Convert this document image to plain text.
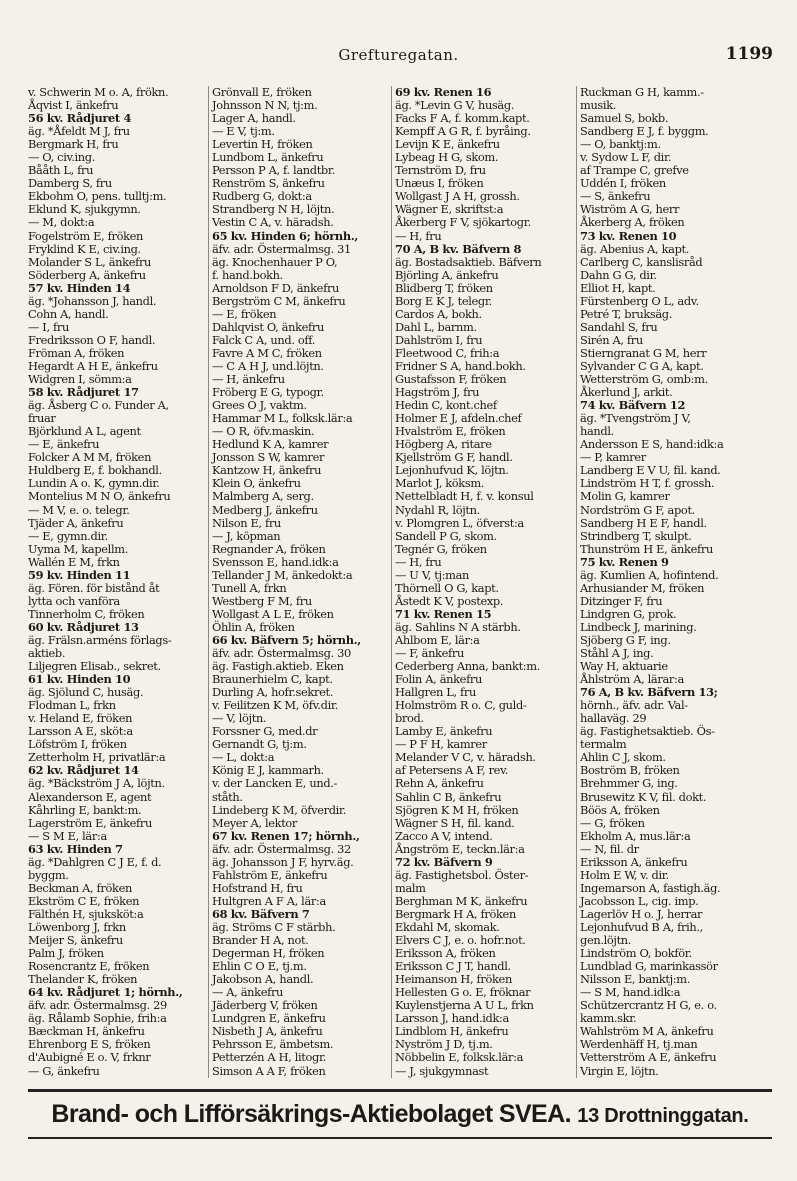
Grefturegatan.	1199
v. Schwerin M o. A, frökn.
Åqvist I, änkefru
56 kv. Rådjuret 4
äg. *Åfeldt M J, fru
Bergmark H, fru
— O, civ.ing.
Bååth L, fru
Damberg S, fru
Ekbohm O, pens. tulltj:m.
Eklund K, sjukgymn.
— M, dokt:a
Fogelström E, fröken
Fryklind K E, civ.ing.
Molander S L, änkefru
Söderberg A, änkefru
57 kv. Hinden 14
äg. *Johansson J, handl.
Cohn A, handl.
— I, fru
Fredriksson O F, handl.
Fröman A, fröken
Hegardt A H E, änkefru
Widgren I, sömm:a
58 kv. Rådjuret 17
äg. Åsberg C o. Funder A,
fruar
Björklund A L, agent
— E, änkefru
Folcker A M M, fröken
Huldberg E, f. bokhandl.
Lundin A o. K, gymn.dir.
Montelius M N O, änkefru
— M V, e. o. telegr.
Tjäder A, änkefru
— E, gymn.dir.
Uyma M, kapellm.
Wallén E M, frkn
59 kv. Hinden 11
äg. Fören. för bistånd åt
lytta och vanföra
Tinnerholm C, fröken
60 kv. Rådjuret 13
äg. Frälsn.arméns förlags-
aktieb.
Liljegren Elisab., sekret.
61 kv. Hinden 10
äg. Sjölund C, husäg.
Flodman L, frkn
v. Heland E, fröken
Larsson A E, sköt:a
Löfström I, fröken
Zetterholm H, privatlär:a
62 kv. Rådjuret 14
äg. *Bäckström J A, löjtn.
Alexanderson E, agent
Kåhrling E, bankt:m.
Lagerström E, änkefru
— S M E, lär:a
63 kv. Hinden 7
äg. *Dahlgren C J E, f. d.
byggm.
Beckman A, fröken
Ekström C E, fröken
Fälthén H, sjuksköt:a
Löwenborg J, frkn
Meijer S, änkefru
Palm J, fröken
Rosencrantz E, fröken
Thelander K, fröken
64 kv. Rådjuret 1; hörnh.,
äfv. adr. Östermalmsg. 29
äg. Rålamb Sophie, frih:a
Bæckman H, änkefru
Ehrenborg E S, fröken
d'Aubigné E o. V, frknr
— G, änkefru
Grönvall E, fröken
Johnsson N N, tj:m.
Lager A, handl.
— E V, tj:m.
Levertin H, fröken
Lundbom L, änkefru
Persson P A, f. landtbr.
Renström S, änkefru
Rudberg G, dokt:a
Strandberg N H, löjtn.
Vestin C A, v. häradsh.
65 kv. Hinden 6; hörnh.,
äfv. adr. Östermalmsg. 31
äg. Knochenhauer P O,
f. hand.bokh.
Arnoldson F D, änkefru
Bergström C M, änkefru
— E, fröken
Dahlqvist O, änkefru
Falck C A, und. off.
Favre A M C, fröken
— C A H J, und.löjtn.
— H, änkefru
Fröberg E G, typogr.
Grees O J, vaktm.
Hammar M L, folksk.lär:a
— O R, öfv.maskin.
Hedlund K A, kamrer
Jonsson S W, kamrer
Kantzow H, änkefru
Klein O, änkefru
Malmberg A, serg.
Medberg J, änkefru
Nilson E, fru
— J, köpman
Regnander A, fröken
Svensson E, hand.idk:a
Tellander J M, änkedokt:a
Tunell A, frkn
Westberg F M, fru
Wollgast A L E, fröken
Öhlin A, fröken
66 kv. Bäfvern 5; hörnh.,
äfv. adr. Östermalmsg. 30
äg. Fastigh.aktieb. Eken
Braunerhielm C, kapt.
Durling A, hofr.sekret.
v. Feilitzen K M, öfv.dir.
— V, löjtn.
Forssner G, med.dr
Gernandt G, tj:m.
— L, dokt:a
König E J, kammarh.
v. der Lancken E, und.-
ståth.
Lindeberg K M, öfverdir.
Meyer A, lektor
67 kv. Renen 17; hörnh.,
äfv. adr. Östermalmsg. 32
äg. Johansson J F, hyrv.äg.
Fahlström E, änkefru
Hofstrand H, fru
Hultgren A F A, lär:a
68 kv. Bäfvern 7
äg. Ströms C F stärbh.
Brander H A, not.
Degerman H, fröken
Ehlin C O E, tj.m.
Jakobson A, handl.
— A, änkefru
Jäderberg V, fröken
Lundgren E, änkefru
Nisbeth J A, änkefru
Pehrsson E, ämbetsm.
Petterzén A H, litogr.
Simson A A F, fröken
69 kv. Renen 16
äg. *Levin G V, husäg.
Facks F A, f. komm.kapt.
Kempff A G R, f. byråing.
Levijn K E, änkefru
Lybeag H G, skom.
Ternström D, fru
Unæus I, fröken
Wollgast J A H, grossh.
Wägner E, skriftst:a
Åkerberg F V, sjökartogr.
— H, fru
70 A, B kv. Bäfvern 8
äg. Bostadsaktieb. Bäfvern
Björling A, änkefru
Blidberg T, fröken
Borg E K J, telegr.
Cardos A, bokh.
Dahl L, barnm.
Dahlström I, fru
Fleetwood C, frih:a
Fridner S A, hand.bokh.
Gustafsson F, fröken
Hagström J, fru
Hedin C, kont.chef
Holmer E J, afdeln.chef
Hvalström E, fröken
Högberg A, ritare
Kjellström G F, handl.
Lejonhufvud K, löjtn.
Marlot J, köksm.
Nettelbladt H, f. v. konsul
Nydahl R, löjtn.
v. Plomgren L, öfverst:a
Sandell P G, skom.
Tegnér G, fröken
— H, fru
— U V, tj:man
Thörnell O G, kapt.
Åstedt K V, postexp.
71 kv. Renen 15
äg. Sahlins N A stärbh.
Ahlbom E, lär:a
— F, änkefru
Cederberg Anna, bankt:m.
Folin A, änkefru
Hallgren L, fru
Holmström R o. C, guld-
brod.
Lamby E, änkefru
— P F H, kamrer
Melander V C, v. häradsh.
af Petersens A F, rev.
Rehn A, änkefru
Sahlin C B, änkefru
Sjögren K M H, fröken
Wägner S H, fil. kand.
Zacco A V, intend.
Ångström E, teckn.lär:a
72 kv. Bäfvern 9
äg. Fastighetsbol. Öster-
malm
Berghman M K, änkefru
Bergmark H A, fröken
Ekdahl M, skomak.
Elvers C J, e. o. hofr.not.
Eriksson A, fröken
Eriksson C J T, handl.
Heimanson H, fröken
Hellesten G o. E, fröknar
Kuylenstjerna A U L, frkn
Larsson J, hand.idk:a
Lindblom H, änkefru
Nyström J D, tj.m.
Nöbbelin E, folksk.lär:a
— J, sjukgymnast
Ruckman G H, kamm.-
musik.
Samuel S, bokb.
Sandberg E J, f. byggm.
— O, banktj:m.
v. Sydow L F, dir.
af Trampe C, grefve
Uddén I, fröken
— S, änkefru
Wiström A G, herr
Åkerberg A, fröken
73 kv. Renen 10
äg. Abenius A, kapt.
Carlberg C, kanslisråd
Dahn G G, dir.
Elliot H, kapt.
Fürstenberg O L, adv.
Petré T, bruksäg.
Sandahl S, fru
Sirén A, fru
Stierngranat G M, herr
Sylvander C G A, kapt.
Wetterström G, omb:m.
Åkerlund J, arkit.
74 kv. Bäfvern 12
äg. *Tvengström J V,
handl.
Andersson E S, hand:idk:a
— P, kamrer
Landberg E V U, fil. kand.
Lindström H T, f. grossh.
Molin G, kamrer
Nordström G F, apot.
Sandberg H E F, handl.
Strindberg T, skulpt.
Thunström H E, änkefru
75 kv. Renen 9
äg. Kumlien A, hofintend.
Arhusiander M, fröken
Ditzinger F, fru
Lindgren G, prok.
Lindbeck J, marining.
Sjöberg G F, ing.
Ståhl A J, ing.
Way H, aktuarie
Åhlström A, lärar:a
76 A, B kv. Bäfvern 13;
hörnh., äfv. adr. Val-
hallaväg. 29
äg. Fastighetsaktieb. Ös-
termalm
Ahlin C J, skom.
Boström B, fröken
Brehmmer G, ing.
Brusewitz K V, fil. dokt.
Böös A, fröken
— G, fröken
Ekholm A, mus.lär:a
— N, fil. dr
Eriksson A, änkefru
Holm E W, v. dir.
Ingemarson A, fastigh.äg.
Jacobsson L, cig. imp.
Lagerlöv H o. J, herrar
Lejonhufvud B A, frih.,
gen.löjtn.
Lindström O, bokför.
Lundblad G, marinkassör
Nilsson E, banktj:m.
— S M, hand.idk:a
Schützercrantz H G, e. o.
kamm.skr.
Wahlström M A, änkefru
Werdenhäff H, tj.man
Vetterström A E, änkefru
Virgin E, löjtn.
Brand- och Lifförsäkrings-Aktiebolaget SVEA. 13 Drottninggatan.
